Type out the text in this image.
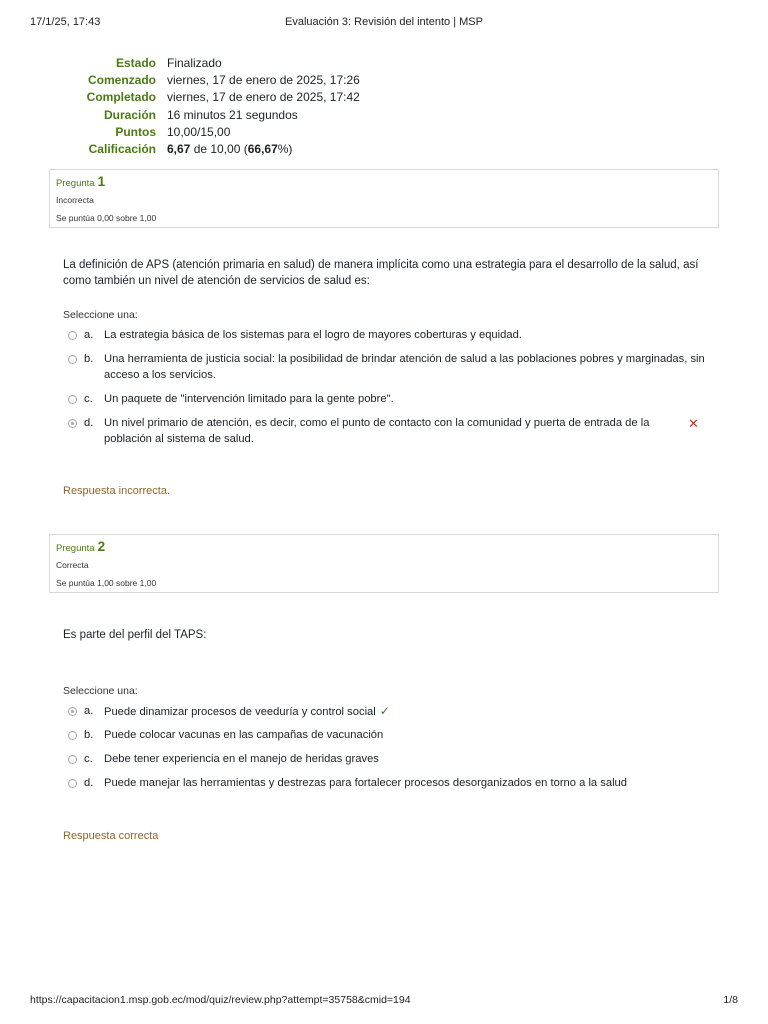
17/1/25, 17:43	Evaluación 3: Revisión del intento | MSP
Estado	Finalizado
Comenzado	viernes, 17 de enero de 2025, 17:26
Completado	viernes, 17 de enero de 2025, 17:42
Duración	16 minutos 21 segundos
Puntos	10,00/15,00
Calificación	6,67 de 10,00 (66,67%)
Pregunta 1
Incorrecta
Se puntúa 0,00 sobre 1,00
La definición de APS (atención primaria en salud) de manera implícita como una estrategia para el desarrollo de la salud, así como también un nivel de atención de servicios de salud es:
Seleccione una:
a. La estrategia básica de los sistemas para el logro de mayores coberturas y equidad.
b. Una herramienta de justicia social: la posibilidad de brindar atención de salud a las poblaciones pobres y marginadas, sin acceso a los servicios.
c. Un paquete de "intervención limitado para la gente pobre".
d. Un nivel primario de atención, es decir, como el punto de contacto con la comunidad y puerta de entrada de la población al sistema de salud.
✕
Respuesta incorrecta.
Pregunta 2
Correcta
Se puntúa 1,00 sobre 1,00
Es parte del perfil del TAPS:
Seleccione una:
a. Puede dinamizar procesos de veeduría y control social ✓
b. Puede colocar vacunas en las campañas de vacunación
c. Debe tener experiencia en el manejo de heridas graves
d. Puede manejar las herramientas y destrezas para fortalecer procesos desorganizados en torno a la salud
Respuesta correcta
https://capacitacion1.msp.gob.ec/mod/quiz/review.php?attempt=35758&cmid=194	1/8
